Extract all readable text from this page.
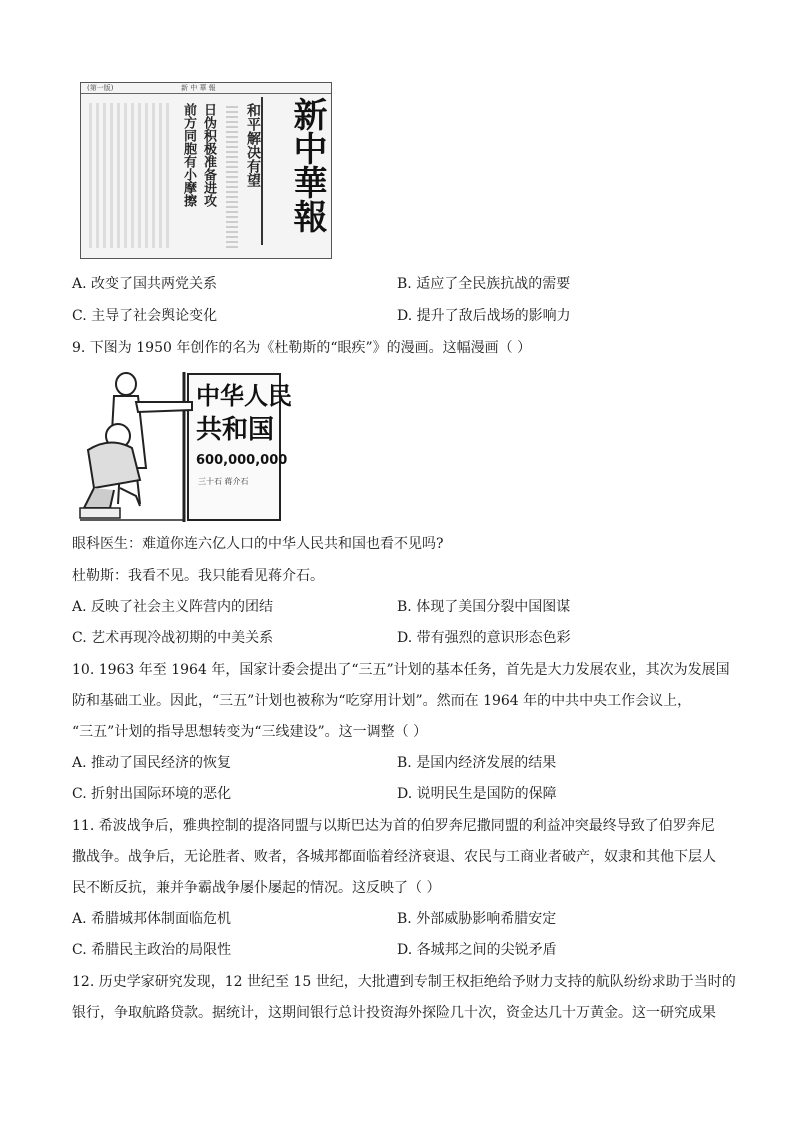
(第一版)	新 中 華 報
新中華報
和平解决有望
日伪积极准备进攻
前方同胞有小摩擦
A. 改变了国共两党关系	B. 适应了全民族抗战的需要
C. 主导了社会舆论变化	D. 提升了敌后战场的影响力
9. 下图为 1950 年创作的名为《杜勒斯的“眼疾”》的漫画。这幅漫画（ ）
中华人民
共和国
600,000,000
三十石 蒋介石
眼科医生：难道你连六亿人口的中华人民共和国也看不见吗?
杜勒斯：我看不见。我只能看见蒋介石。
A. 反映了社会主义阵营内的团结	B. 体现了美国分裂中国图谋
C. 艺术再现冷战初期的中美关系	D. 带有强烈的意识形态色彩
10. 1963 年至 1964 年，国家计委会提出了“三五”计划的基本任务，首先是大力发展农业，其次为发展国
防和基础工业。因此，“三五”计划也被称为“吃穿用计划”。然而在 1964 年的中共中央工作会议上，
“三五”计划的指导思想转变为“三线建设”。这一调整（ ）
A. 推动了国民经济的恢复	B. 是国内经济发展的结果
C. 折射出国际环境的恶化	D. 说明民生是国防的保障
11. 希波战争后，雅典控制的提洛同盟与以斯巴达为首的伯罗奔尼撒同盟的利益冲突最终导致了伯罗奔尼
撒战争。战争后，无论胜者、败者，各城邦都面临着经济衰退、农民与工商业者破产，奴隶和其他下层人
民不断反抗，兼并争霸战争屡仆屡起的情况。这反映了（ ）
A. 希腊城邦体制面临危机	B. 外部威胁影响希腊安定
C. 希腊民主政治的局限性	D. 各城邦之间的尖锐矛盾
12. 历史学家研究发现，12 世纪至 15 世纪，大批遭到专制王权拒绝给予财力支持的航队纷纷求助于当时的
银行，争取航路贷款。据统计，这期间银行总计投资海外探险几十次，资金达几十万黄金。这一研究成果
